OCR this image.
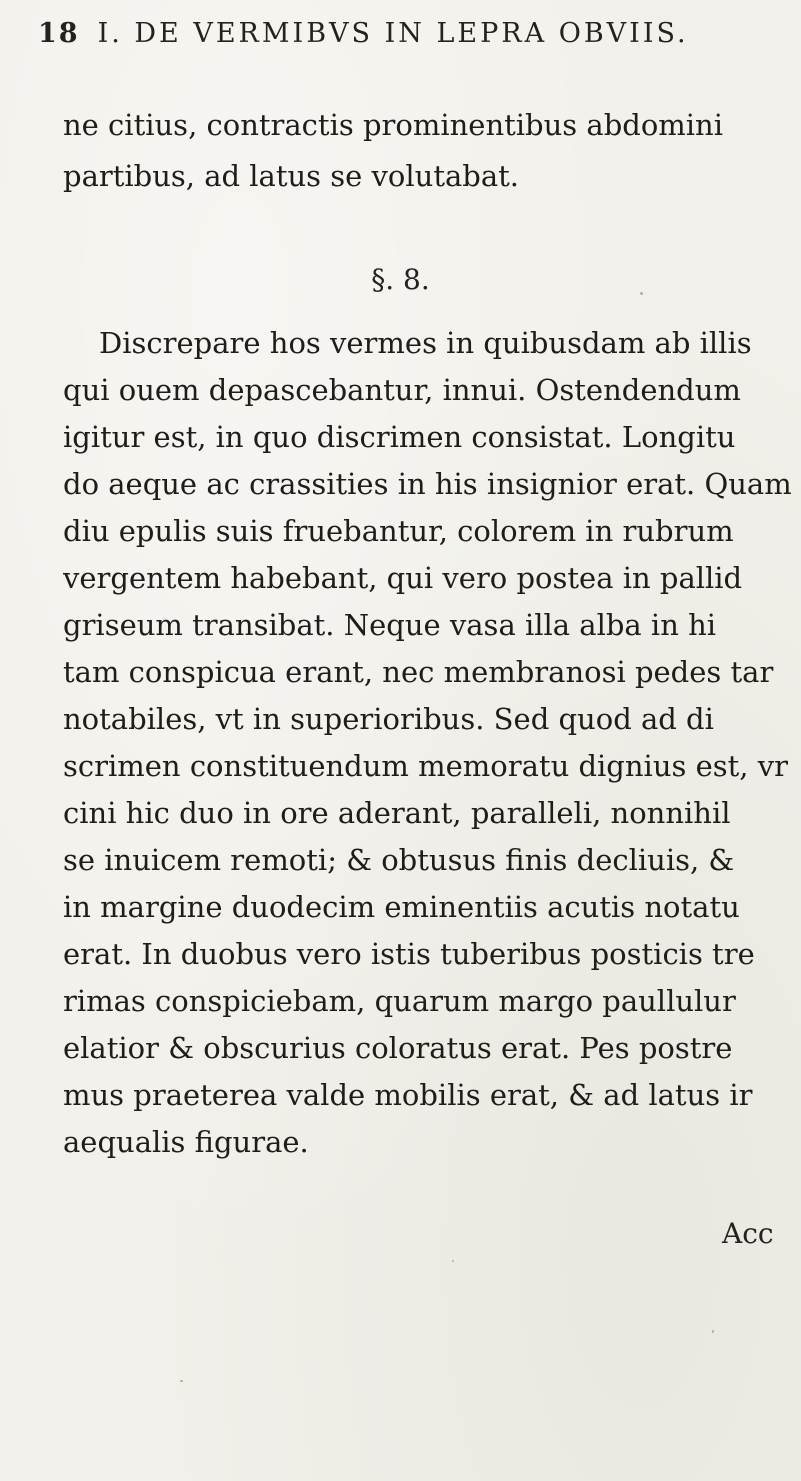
18 I. DE VERMIBVS IN LEPRA OBVIIS.
ne citius, contractis prominentibus abdomini
partibus, ad latus se volutabat.
§. 8.
Discrepare hos vermes in quibusdam ab illis
qui ouem depascebantur, innui. Ostendendum
igitur est, in quo discrimen consistat. Longitu
do aeque ac crassities in his insignior erat. Quam
diu epulis suis fruebantur, colorem in rubrum
vergentem habebant, qui vero postea in pallid
griseum transibat. Neque vasa illa alba in hi
tam conspicua erant, nec membranosi pedes tar
notabiles, vt in superioribus. Sed quod ad di
scrimen constituendum memoratu dignius est, vr
cini hic duo in ore aderant, paralleli, nonnihil
se inuicem remoti; & obtusus finis decliuis, &
in margine duodecim eminentiis acutis notatu
erat. In duobus vero istis tuberibus posticis tre
rimas conspiciebam, quarum margo paullulur
elatior & obscurius coloratus erat. Pes postre
mus praeterea valde mobilis erat, & ad latus ir
aequalis figurae.
Acc
